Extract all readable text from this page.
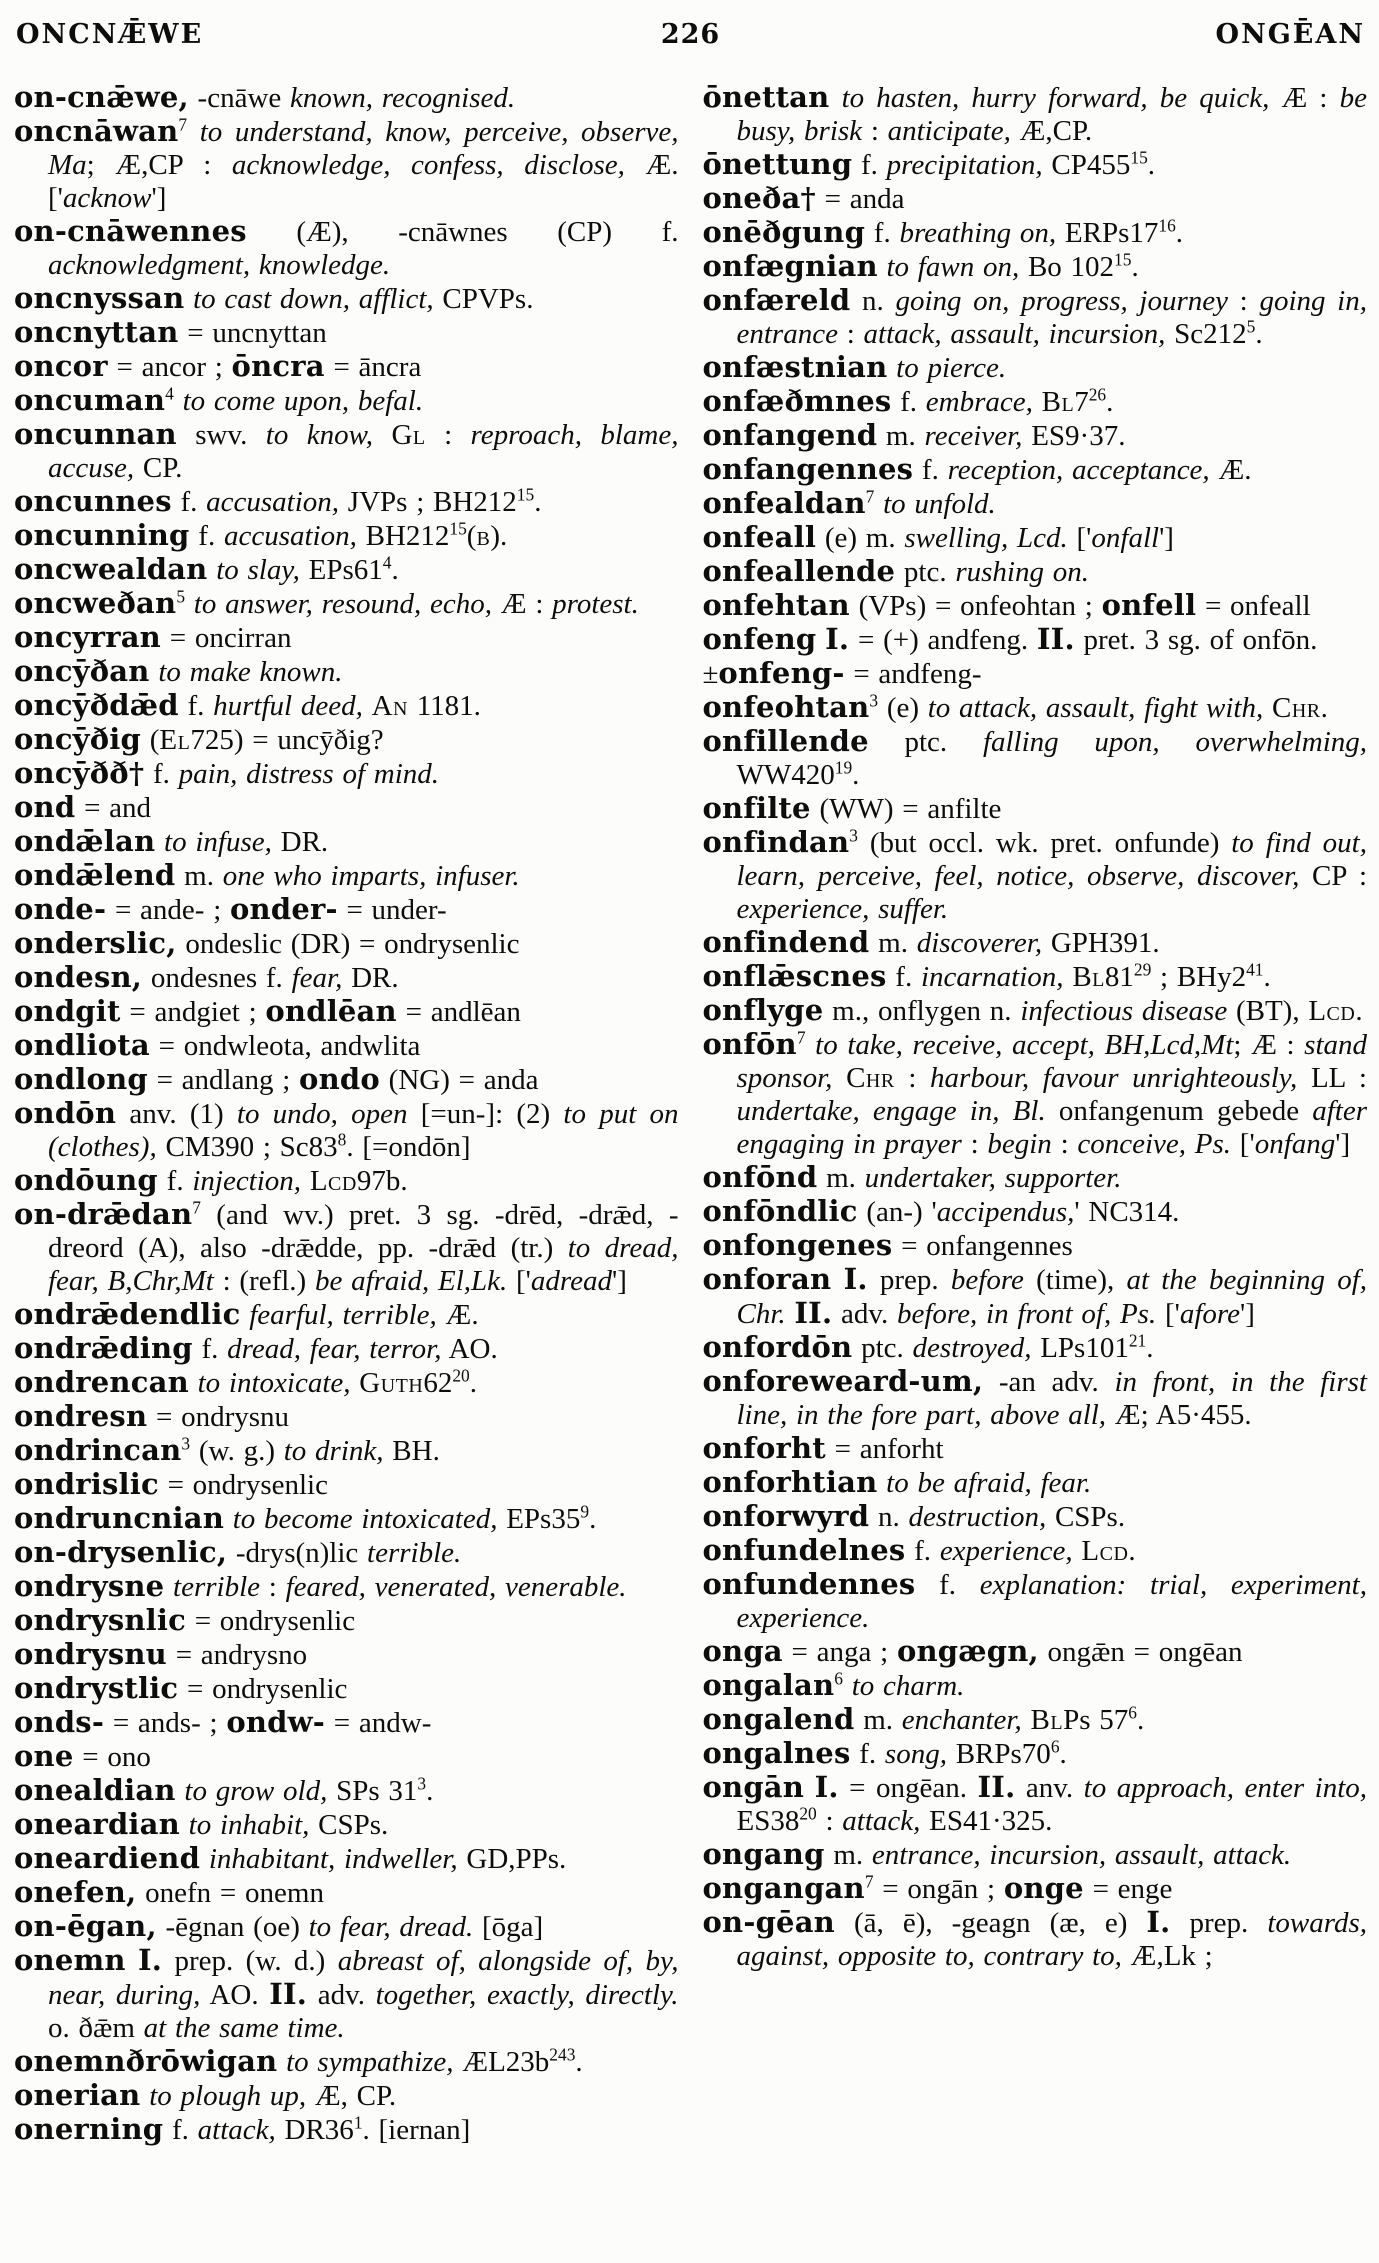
ONCNǢWE	226	ONGĒAN

on-cnǣwe, -cnāwe known, recognised.

oncnāwan$^7$ to understand, know, perceive, observe, Ma; Æ,CP : acknowledge, confess, disclose, Æ. ['acknow']

on-cnāwennes (Æ), -cnāwnes (CP) f. acknowledgment, knowledge.

oncnyssan to cast down, afflict, CPVPs.

oncnyttan = uncnyttan

oncor = ancor ; ōncra = āncra

oncuman$^4$ to come upon, befal.

oncunnan swv. to know, Gl : reproach, blame, accuse, CP.

oncunnes f. accusation, JVPs ; $BH212^{15}$.

oncunning f. accusation, $BH212^{15}(b)$.

oncwealdan to slay, $EPs61^4$.

oncweðan$^5$ to answer, resound, echo, Æ : protest.

oncyrran = oncirran

oncȳðan to make known.

oncȳðdǣd f. hurtful deed, An 1181.

oncȳðig (El725) = uncȳðig?

oncȳðð† f. pain, distress of mind.

ond = and

ondǣlan to infuse, DR.

ondǣlend m. one who imparts, infuser.

onde- = ande- ; onder- = under-

onderslic, ondeslic (DR) = ondrysenlic

ondesn, ondesnes f. fear, DR.

ondgit = andgiet ; ondlēan = andlēan

ondliota = ondwleota, andwlita

ondlong = andlang ; ondo (NG) = anda

ondōn anv. (1) to undo, open [=un-]: (2) to put on (clothes), CM390 ; $Sc83^8$. [=ondōn]

ondōung f. injection, Lcd97b.

on-drǣdan$^7$ (and wv.) pret. 3 sg. -drēd, -drǣd, -dreord (A), also -drǣdde, pp. -drǣd (tr.) to dread, fear, B,Chr,Mt : (refl.) be afraid, El,Lk. ['adread']

ondrǣdendlic fearful, terrible, Æ.

ondrǣding f. dread, fear, terror, AO.

ondrencan to intoxicate, $Guth62^{20}$.

ondresn = ondrysnu

ondrincan$^3$ (w. g.) to drink, BH.

ondrislic = ondrysenlic

ondruncnian to become intoxicated, $EPs35^9$.

on-drysenlic, -drys(n)lic terrible.

ondrysne terrible : feared, venerated, venerable.

ondrysnlic = ondrysenlic

ondrysnu = andrysno

ondrystlic = ondrysenlic

onds- = ands- ; ondw- = andw-

one = ono

onealdian to grow old, SPs $31^3$.

oneardian to inhabit, CSPs.

oneardiend inhabitant, indweller, GD,PPs.

onefen, onefn = onemn

on-ēgan, -ēgnan (oe) to fear, dread. [ōga]

onemn I. prep. (w. d.) abreast of, alongside of, by, near, during, AO. II. adv. together, exactly, directly. o. ðǣm at the same time.

onemnðrōwigan to sympathize, $ÆL23b^{243}$.

onerian to plough up, Æ, CP.

onerning f. attack, $DR36^1$. [iernan]

ōnettan to hasten, hurry forward, be quick, Æ : be busy, brisk : anticipate, Æ,CP.

ōnettung f. precipitation, $CP455^{15}$.

oneða† = anda

onēðgung f. breathing on, $ERPs17^{16}$.

onfægnian to fawn on, Bo $102^{15}$.

onfæreld n. going on, progress, journey : going in, entrance : attack, assault, incursion, $Sc212^5$.

onfæstnian to pierce.

onfæðmnes f. embrace, $Bl7^{26}$.

onfangend m. receiver, ES9·37.

onfangennes f. reception, acceptance, Æ.

onfealdan$^7$ to unfold.

onfeall (e) m. swelling, Lcd. ['onfall']

onfeallende ptc. rushing on.

onfehtan (VPs) = onfeohtan ; onfell = onfeall

onfeng I. = (+) andfeng. II. pret. 3 sg. of onfōn.

±onfeng- = andfeng-

onfeohtan$^3$ (e) to attack, assault, fight with, Chr.

onfillende ptc. falling upon, overwhelming, $WW420^{19}$.

onfilte (WW) = anfilte

onfindan$^3$ (but occl. wk. pret. onfunde) to find out, learn, perceive, feel, notice, observe, discover, CP : experience, suffer.

onfindend m. discoverer, GPH391.

onflǣscnes f. incarnation, $Bl81^{29}$ ; $BHy2^{41}$.

onflyge m., onflygen n. infectious disease (BT), Lcd.

onfōn$^7$ to take, receive, accept, BH,Lcd,Mt; Æ : stand sponsor, Chr : harbour, favour unrighteously, LL : undertake, engage in, Bl. onfangenum gebede after engaging in prayer : begin : conceive, Ps. ['onfang']

onfōnd m. undertaker, supporter.

onfōndlic (an-) 'accipendus,' NC314.

onfongenes = onfangennes

onforan I. prep. before (time), at the beginning of, Chr. II. adv. before, in front of, Ps. ['afore']

onfordōn ptc. destroyed, $LPs101^{21}$.

onforeweard-um, -an adv. in front, in the first line, in the fore part, above all, Æ; A5·455.

onforht = anforht

onforhtian to be afraid, fear.

onforwyrd n. destruction, CSPs.

onfundelnes f. experience, Lcd.

onfundennes f. explanation: trial, experiment, experience.

onga = anga ; ongægn, ongǣn = ongēan

ongalan$^6$ to charm.

ongalend m. enchanter, BlPs $57^6$.

ongalnes f. song, $BRPs70^6$.

ongān I. = ongēan. II. anv. to approach, enter into, $ES38^{20}$ : attack, ES41·325.

ongang m. entrance, incursion, assault, attack.

ongangan$^7$ = ongān ; onge = enge

on-gēan (ā, ē), -geagn (æ, e) I. prep. towards, against, opposite to, contrary to, Æ,Lk ;
